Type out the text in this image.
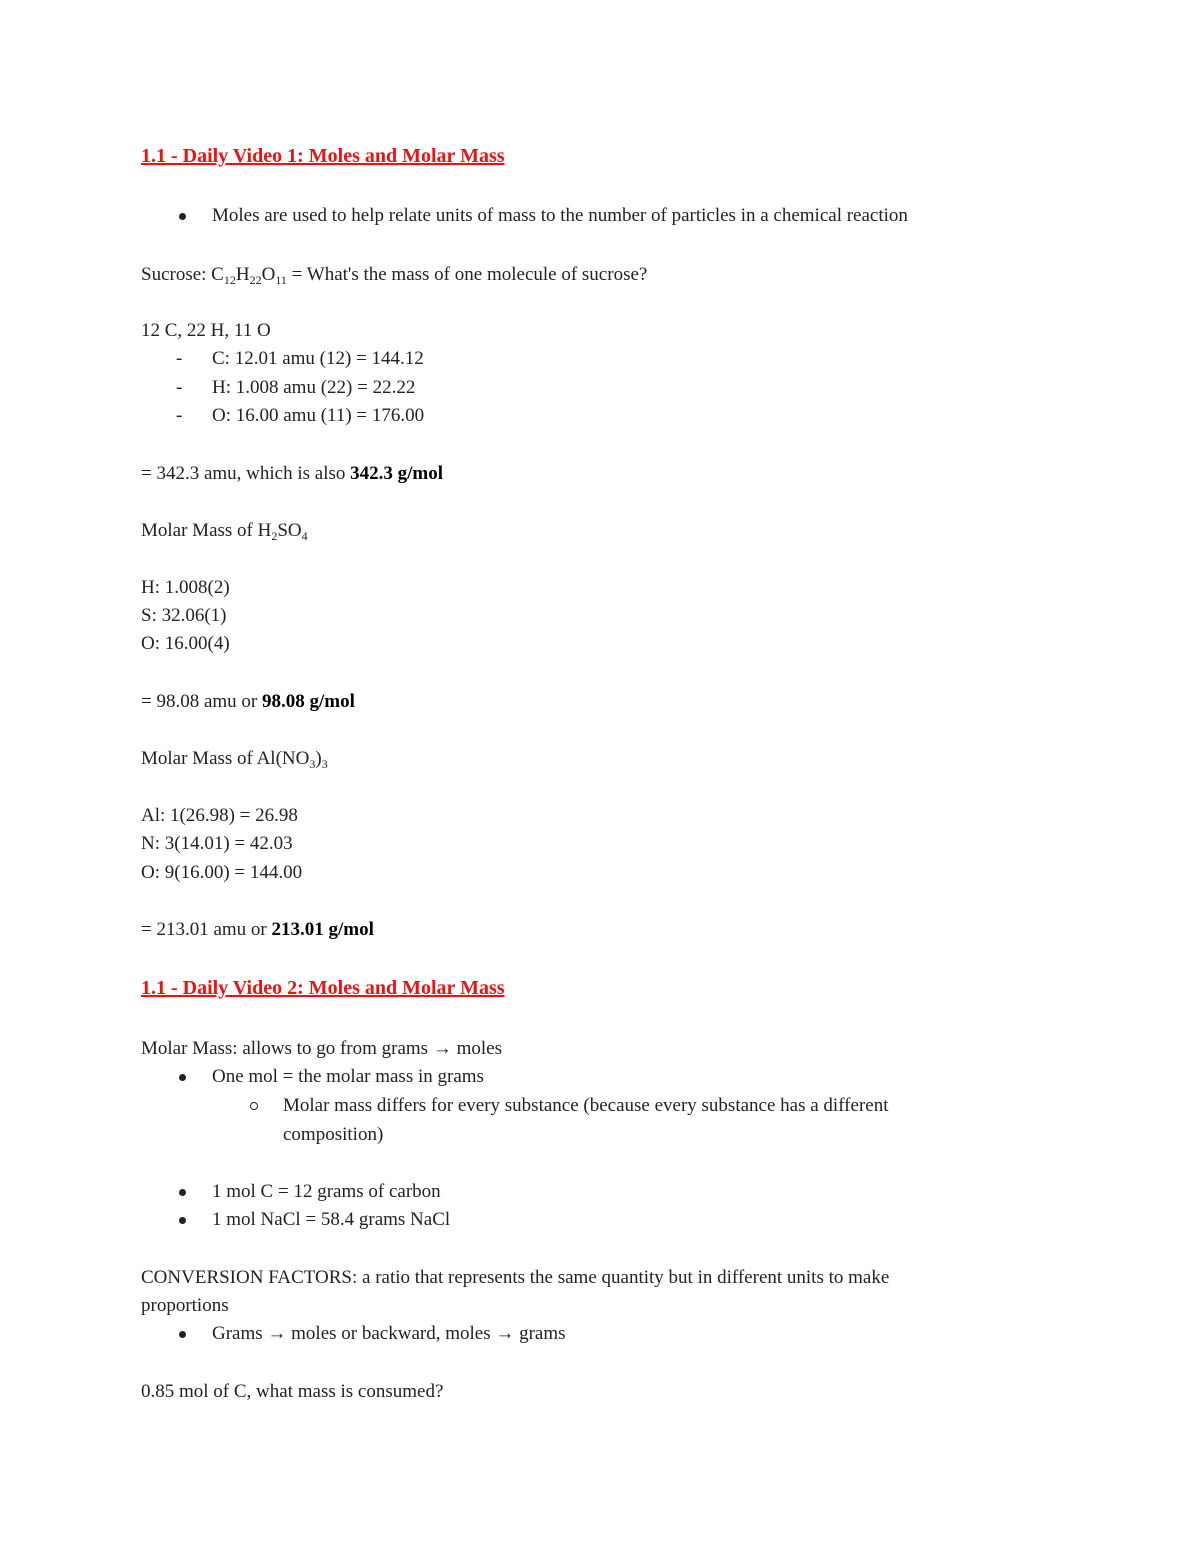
1.1 - Daily Video 1: Moles and Molar Mass
Moles are used to help relate units of mass to the number of particles in a chemical reaction
Sucrose: $C_{12}H_{22}O_{11}$ = What's the mass of one molecule of sucrose?
12 C, 22 H, 11 O
- C: 12.01 amu (12) = 144.12
- H: 1.008 amu (22) = 22.22
- O: 16.00 amu (11) = 176.00
= 342.3 amu, which is also 342.3 g/mol
Molar Mass of $H_2SO_4$
H: 1.008(2)
S: 32.06(1)
O: 16.00(4)
= 98.08 amu or 98.08 g/mol
Molar Mass of $Al(NO_3)_3$
Al: 1(26.98) = 26.98
N: 3(14.01) = 42.03
O: 9(16.00) = 144.00
= 213.01 amu or 213.01 g/mol
1.1 - Daily Video 2: Moles and Molar Mass
Molar Mass: allows to go from grams → moles
One mol = the molar mass in grams
Molar mass differs for every substance (because every substance has a different
composition)
1 mol C = 12 grams of carbon
1 mol NaCl = 58.4 grams NaCl
CONVERSION FACTORS: a ratio that represents the same quantity but in different units to make
proportions
Grams → moles or backward, moles → grams
0.85 mol of C, what mass is consumed?
